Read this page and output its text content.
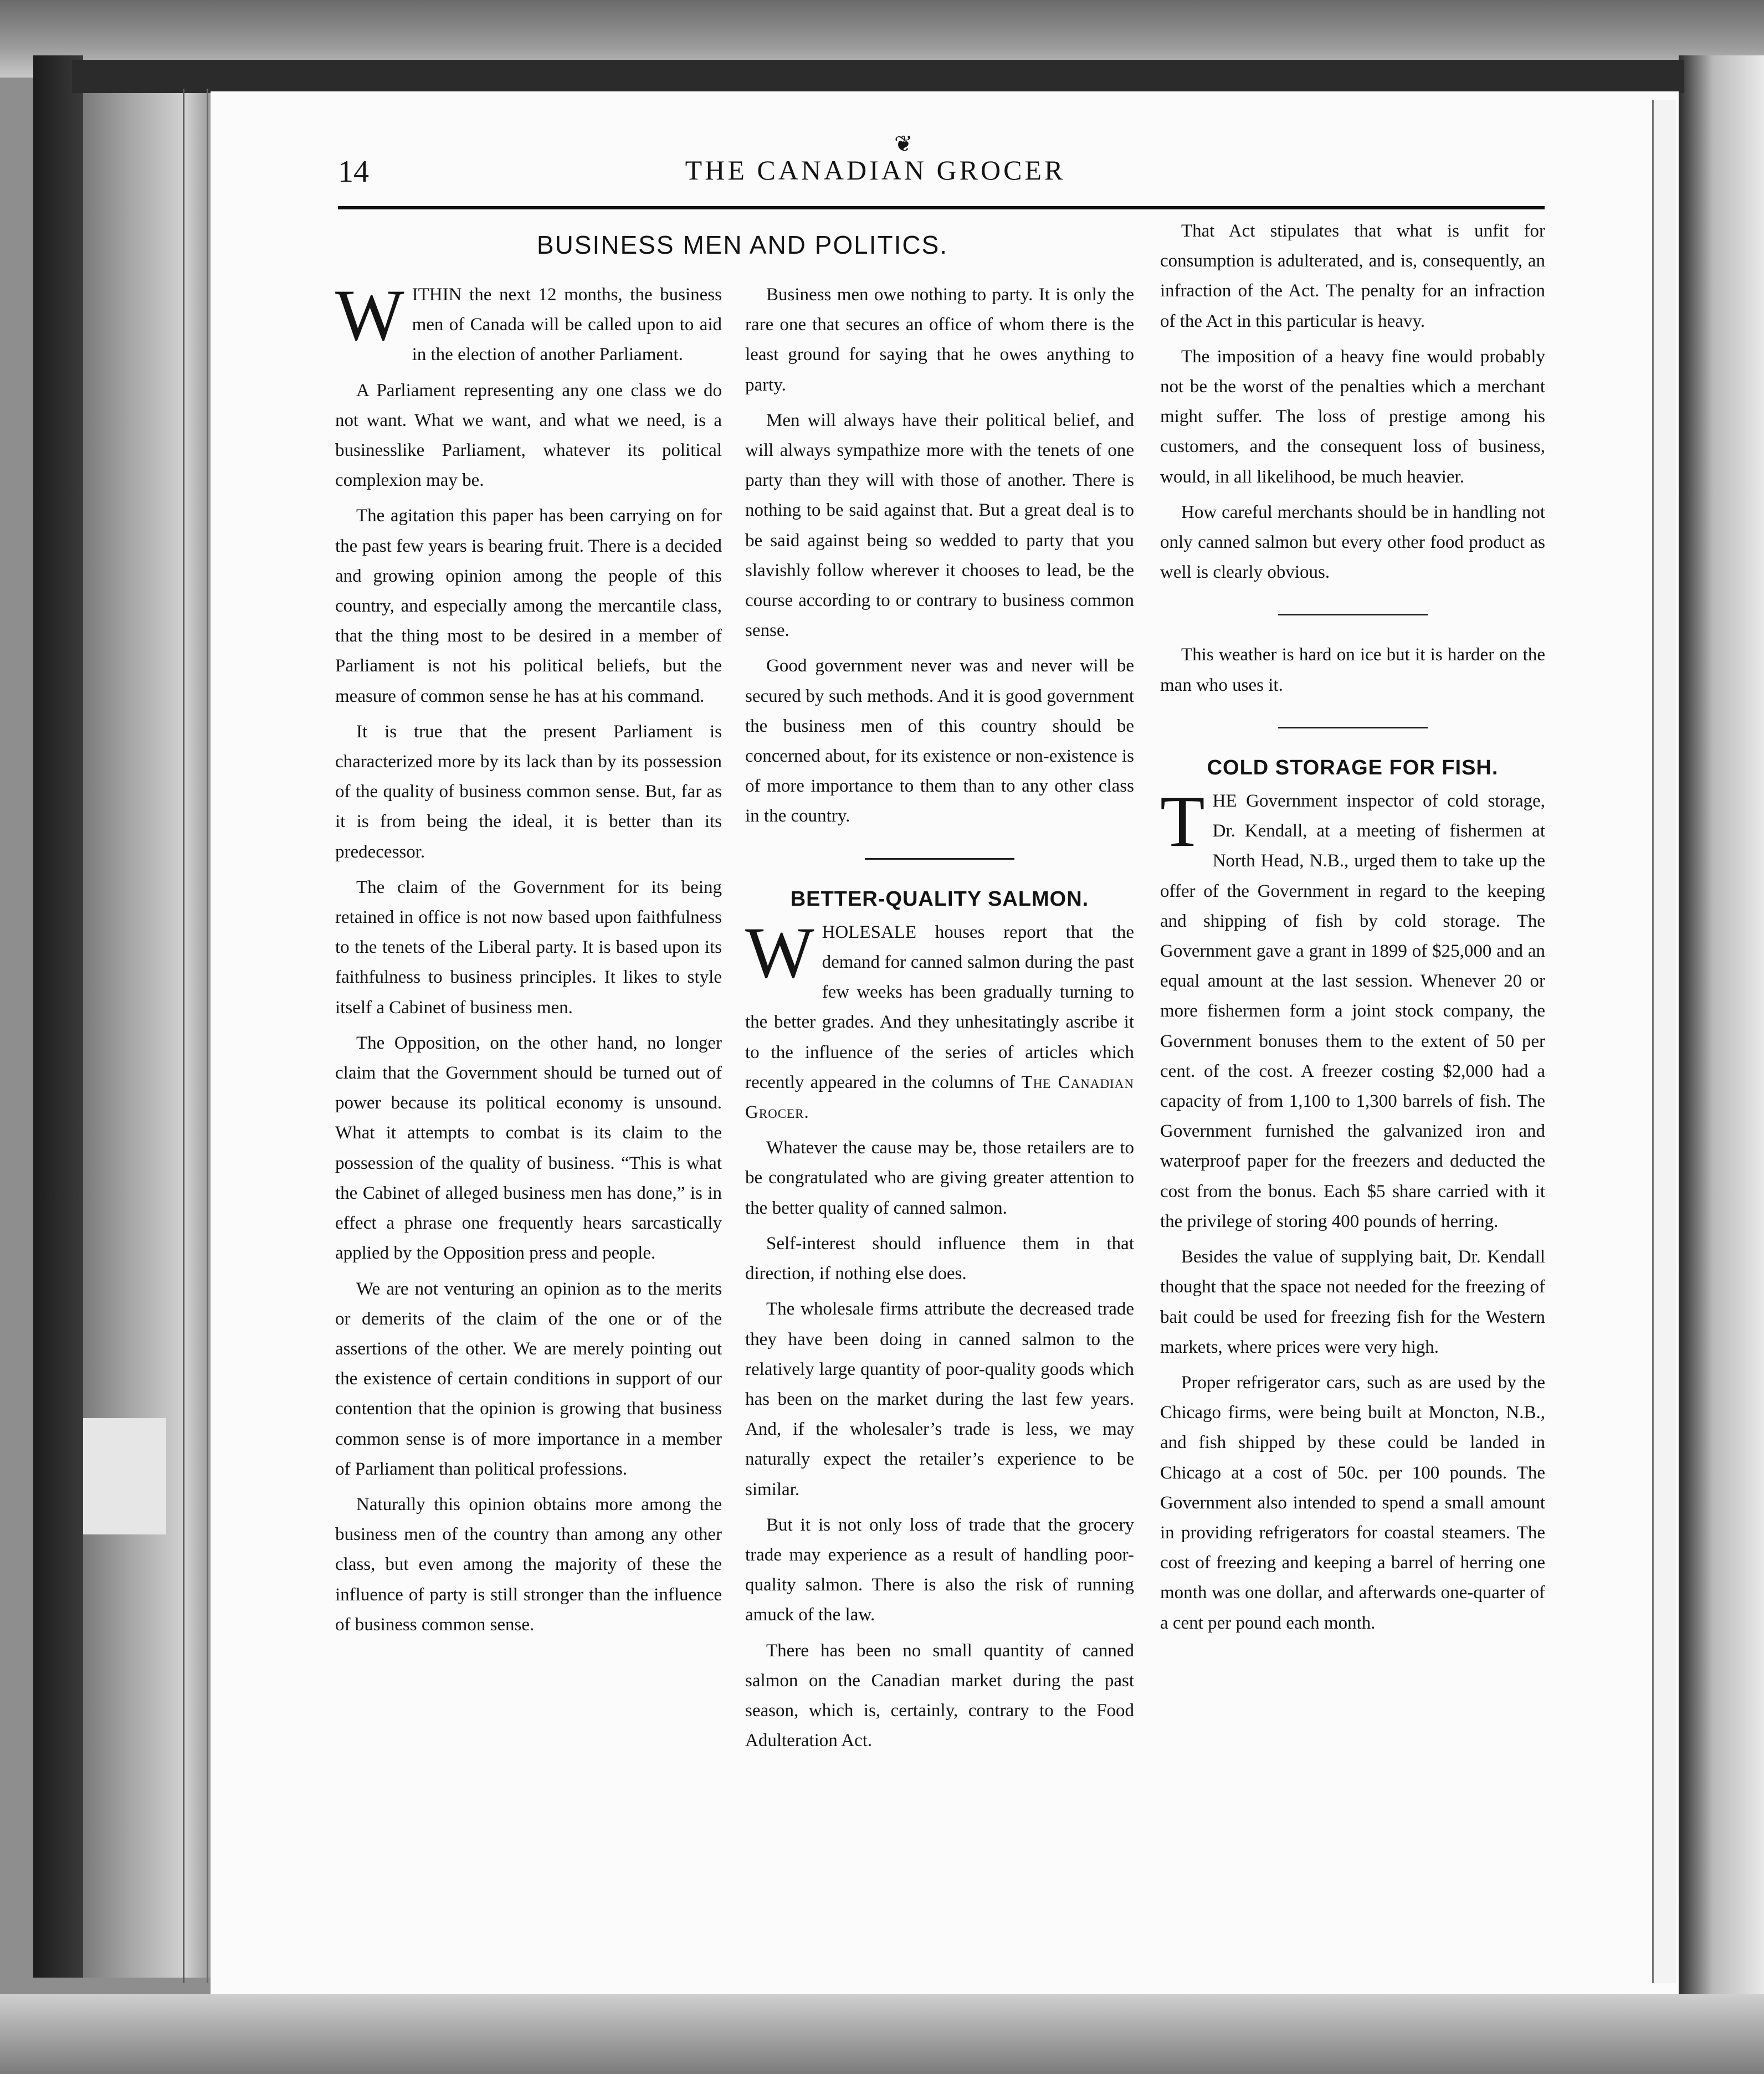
❦
14	THE CANADIAN GROCER
BUSINESS MEN AND POLITICS.

WITHIN the next 12 months, the business men of Canada will be called upon to aid in the election of another Parliament.

A Parliament representing any one class we do not want. What we want, and what we need, is a businesslike Parliament, whatever its political complexion may be.

The agitation this paper has been carrying on for the past few years is bearing fruit. There is a decided and growing opinion among the people of this country, and especially among the mercantile class, that the thing most to be desired in a member of Parliament is not his political beliefs, but the measure of common sense he has at his command.

It is true that the present Parliament is characterized more by its lack than by its possession of the quality of business common sense. But, far as it is from being the ideal, it is better than its predecessor.

The claim of the Government for its being retained in office is not now based upon faithfulness to the tenets of the Liberal party. It is based upon its faithfulness to business principles. It likes to style itself a Cabinet of business men.

The Opposition, on the other hand, no longer claim that the Government should be turned out of power because its political economy is unsound. What it attempts to combat is its claim to the possession of the quality of business. “This is what the Cabinet of alleged business men has done,” is in effect a phrase one frequently hears sarcastically applied by the Opposition press and people.

We are not venturing an opinion as to the merits or demerits of the claim of the one or of the assertions of the other. We are merely pointing out the existence of certain conditions in support of our contention that the opinion is growing that business common sense is of more importance in a member of Parliament than political professions.

Naturally this opinion obtains more among the business men of the country than among any other class, but even among the majority of these the influence of party is still stronger than the influence of business common sense.

Business men owe nothing to party. It is only the rare one that secures an office of whom there is the least ground for saying that he owes anything to party.

Men will always have their political belief, and will always sympathize more with the tenets of one party than they will with those of another. There is nothing to be said against that. But a great deal is to be said against being so wedded to party that you slavishly follow wherever it chooses to lead, be the course according to or contrary to business common sense.

Good government never was and never will be secured by such methods. And it is good government the business men of this country should be concerned about, for its existence or non-existence is of more importance to them than to any other class in the country.

BETTER-QUALITY SALMON.

WHOLESALE houses report that the demand for canned salmon during the past few weeks has been gradually turning to the better grades. And they unhesitatingly ascribe it to the influence of the series of articles which recently appeared in the columns of The Canadian Grocer.

Whatever the cause may be, those retailers are to be congratulated who are giving greater attention to the better quality of canned salmon.

Self-interest should influence them in that direction, if nothing else does.

The wholesale firms attribute the decreased trade they have been doing in canned salmon to the relatively large quantity of poor-quality goods which has been on the market during the last few years. And, if the wholesaler’s trade is less, we may naturally expect the retailer’s experience to be similar.

But it is not only loss of trade that the grocery trade may experience as a result of handling poor-quality salmon. There is also the risk of running amuck of the law.

There has been no small quantity of canned salmon on the Canadian market during the past season, which is, certainly, contrary to the Food Adulteration Act.

That Act stipulates that what is unfit for consumption is adulterated, and is, consequently, an infraction of the Act. The penalty for an infraction of the Act in this particular is heavy.

The imposition of a heavy fine would probably not be the worst of the penalties which a merchant might suffer. The loss of prestige among his customers, and the consequent loss of business, would, in all likelihood, be much heavier.

How careful merchants should be in handling not only canned salmon but every other food product as well is clearly obvious.

This weather is hard on ice but it is harder on the man who uses it.

COLD STORAGE FOR FISH.

THE Government inspector of cold storage, Dr. Kendall, at a meeting of fishermen at North Head, N.B., urged them to take up the offer of the Government in regard to the keeping and shipping of fish by cold storage. The Government gave a grant in 1899 of $25,000 and an equal amount at the last session. Whenever 20 or more fishermen form a joint stock company, the Government bonuses them to the extent of 50 per cent. of the cost. A freezer costing $2,000 had a capacity of from 1,100 to 1,300 barrels of fish. The Government furnished the galvanized iron and waterproof paper for the freezers and deducted the cost from the bonus. Each $5 share carried with it the privilege of storing 400 pounds of herring.

Besides the value of supplying bait, Dr. Kendall thought that the space not needed for the freezing of bait could be used for freezing fish for the Western markets, where prices were very high.

Proper refrigerator cars, such as are used by the Chicago firms, were being built at Moncton, N.B., and fish shipped by these could be landed in Chicago at a cost of 50c. per 100 pounds. The Government also intended to spend a small amount in providing refrigerators for coastal steamers. The cost of freezing and keeping a barrel of herring one month was one dollar, and afterwards one-quarter of a cent per pound each month.
